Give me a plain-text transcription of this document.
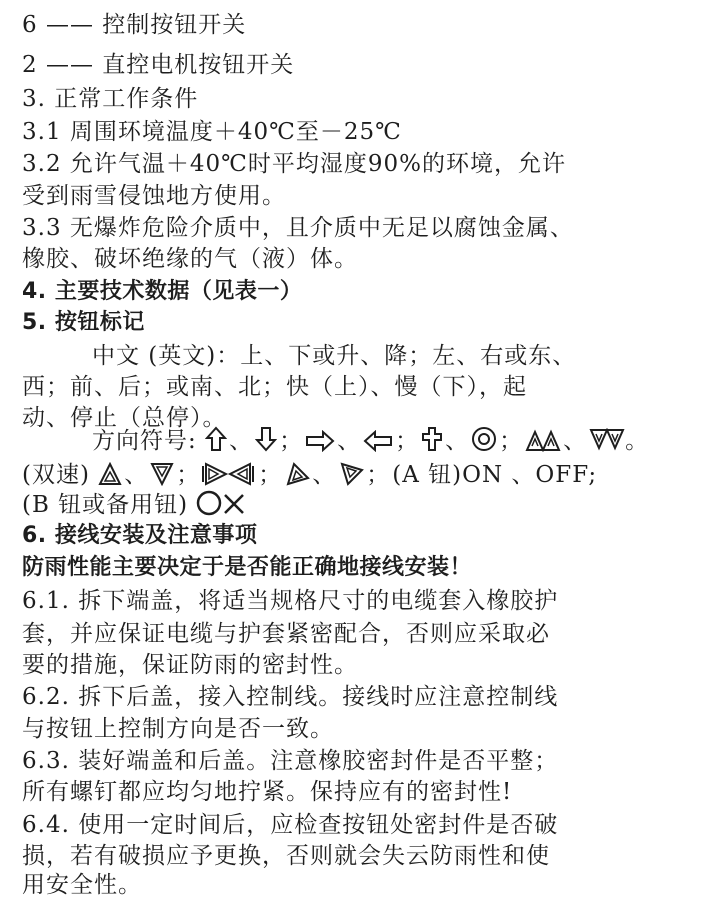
6 —— 控制按钮开关
2 —— 直控电机按钮开关
3. 正常工作条件
3.1 周围环境温度＋40℃至－25℃
3.2 允许气温＋40℃时平均湿度90%的环境，允许
受到雨雪侵蚀地方使用。
3.3 无爆炸危险介质中，且介质中无足以腐蚀金属、
橡胶、破坏绝缘的气（液）体。
4. 主要技术数据（见表一）
5. 按钮标记
中文 (英文)：上、下或升、降；左、右或东、
西；前、后；或南、北；快（上）、慢（下），起
动、停止（总停）。
方向符号: 、 ； 、 ； 、 ； 、 。
(双速) 、 ；	； 、 ；(A 钮)ON 、OFF;
(B 钮或备用钮)
6. 接线安装及注意事项
防雨性能主要决定于是否能正确地接线安装！
6.1. 拆下端盖，将适当规格尺寸的电缆套入橡胶护
套，并应保证电缆与护套紧密配合，否则应采取必
要的措施，保证防雨的密封性。
6.2. 拆下后盖，接入控制线。接线时应注意控制线
与按钮上控制方向是否一致。
6.3. 装好端盖和后盖。注意橡胶密封件是否平整；
所有螺钉都应均匀地拧紧。保持应有的密封性!
6.4. 使用一定时间后，应检查按钮处密封件是否破
损，若有破损应予更换，否则就会失云防雨性和使
用安全性。
